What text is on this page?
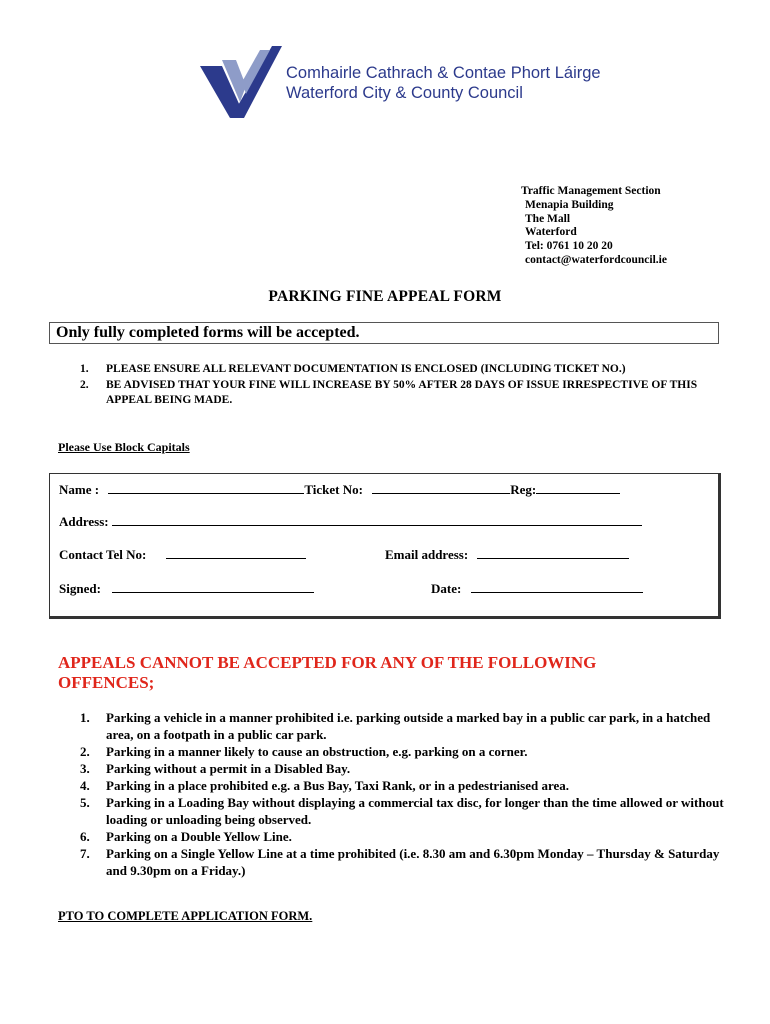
Comhairle Cathrach & Contae Phort Láirge
Waterford City & County Council
Traffic Management Section
Menapia Building
The Mall
Waterford
Tel: 0761 10 20 20
contact@waterfordcouncil.ie
PARKING FINE APPEAL FORM
Only fully completed forms will be accepted.
1.	PLEASE ENSURE ALL RELEVANT DOCUMENTATION IS ENCLOSED (INCLUDING TICKET NO.)
2.	BE ADVISED THAT YOUR FINE WILL INCREASE BY 50% AFTER 28 DAYS OF ISSUE IRRESPECTIVE OF THIS APPEAL BEING MADE.
Please Use Block Capitals
Name :	Ticket No:	Reg:
Address:
Contact Tel No:	Email address:
Signed:	Date:
APPEALS CANNOT BE ACCEPTED FOR ANY OF THE FOLLOWING OFFENCES;
1.	Parking a vehicle in a manner prohibited i.e. parking outside a marked bay in a public car park, in a hatched area, on a footpath in a public car park.
2.	Parking in a manner likely to cause an obstruction, e.g. parking on a corner.
3.	Parking without a permit in a Disabled Bay.
4.	Parking in a place prohibited e.g. a Bus Bay, Taxi Rank, or in a pedestrianised area.
5.	Parking in a Loading Bay without displaying a commercial tax disc, for longer than the time allowed or without loading or unloading being observed.
6.	Parking on a Double Yellow Line.
7.	Parking on a Single Yellow Line at a time prohibited (i.e. 8.30 am and 6.30pm Monday – Thursday & Saturday and 9.30pm on a Friday.)
PTO TO COMPLETE APPLICATION FORM.
